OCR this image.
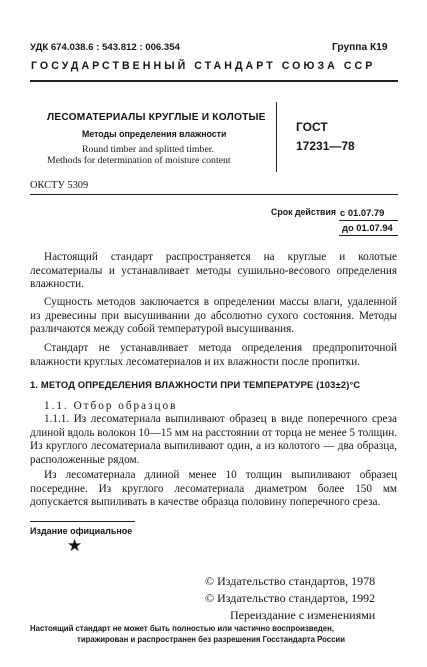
УДК 674.038.6 : 543.812 : 006.354	Группа К19
ГОСУДАРСТВЕННЫЙ СТАНДАРТ СОЮЗА ССР
ЛЕСОМАТЕРИАЛЫ КРУГЛЫЕ И КОЛОТЫЕ
Методы определения влажности
Round timber and splitted timber.
Methods for determination of moisture content
ГОСТ
17231—78
ОКСТУ 5309
Срок действия с 01.07.79
до 01.07.94
Настоящий стандарт распространяется на круглые и колотые лесоматериалы и устанавливает методы сушильно-весового определения влажности.
Сущность методов заключается в определении массы влаги, удаленной из древесины при высушивании до абсолютно сухого состояния. Методы различаются между собой температурой высушивания.
Стандарт не устанавливает метода определения предпропиточной влажности круглых лесоматериалов и их влажности после пропитки.
1. МЕТОД ОПРЕДЕЛЕНИЯ ВЛАЖНОСТИ ПРИ ТЕМПЕРАТУРЕ (103±2)°С
1.1. Отбор образцов
1.1.1. Из лесоматериала выпиливают образец в виде поперечного среза длиной вдоль волокон 10—15 мм на расстоянии от торца не менее 5 толщин. Из круглого лесоматериала выпиливают один, а из колотого — два образца, расположенные рядом.
Из лесоматериала длиной менее 10 толщин выпиливают образец посередине. Из круглого лесоматериала диаметром более 150 мм допускается выпиливать в качестве образца половину поперечного среза.
Издание официальное
★
© Издательство стандартов, 1978
© Издательство стандартов, 1992
Переиздание с изменениями
Настоящий стандарт не может быть полностью или частично воспроизведен,
тиражирован и распространен без разрешения Госстандарта России
